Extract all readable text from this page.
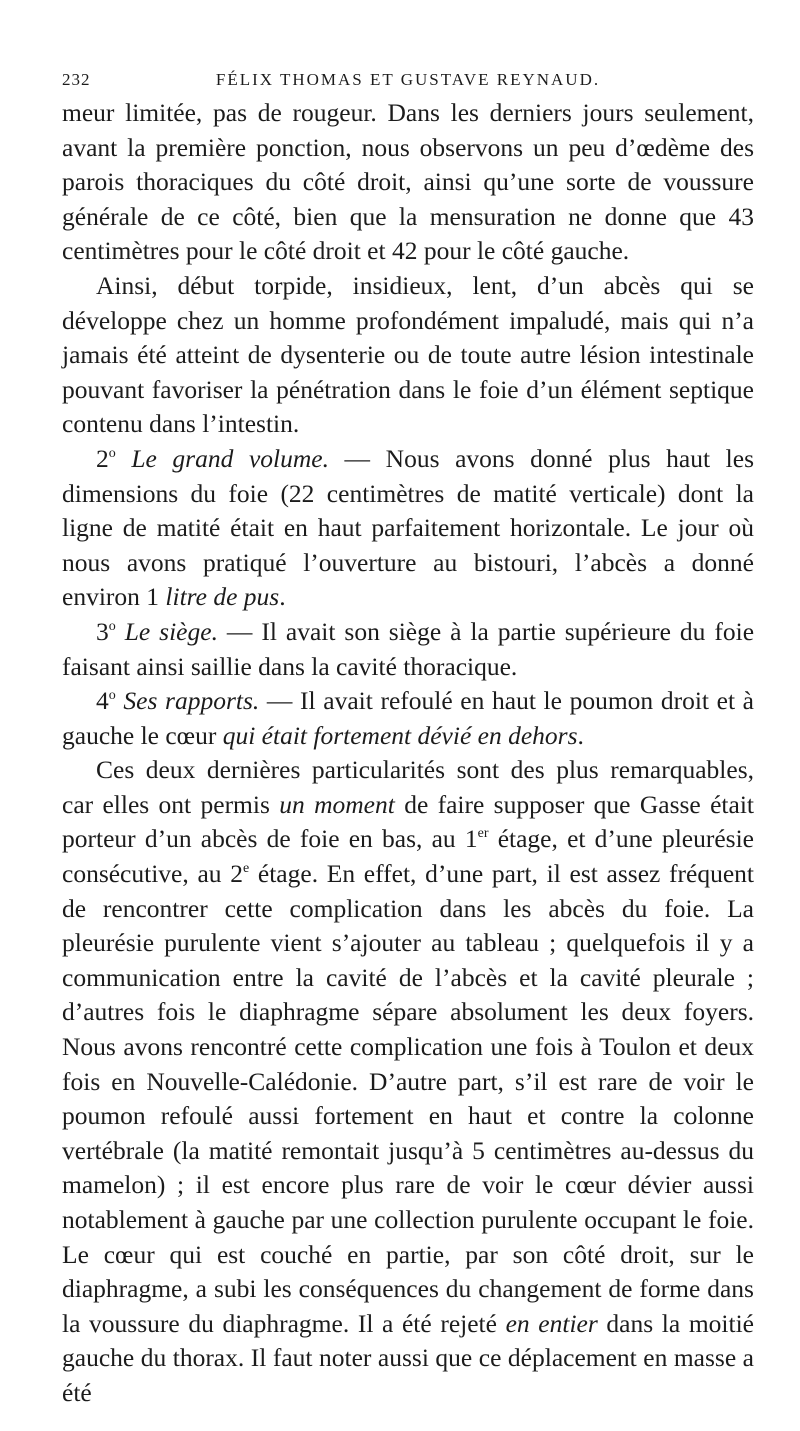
232	FÉLIX THOMAS ET GUSTAVE REYNAUD.

meur limitée, pas de rougeur. Dans les derniers jours seulement, avant la première ponction, nous observons un peu d’œdème des parois thoraciques du côté droit, ainsi qu’une sorte de voussure générale de ce côté, bien que la mensuration ne donne que 43 centimètres pour le côté droit et 42 pour le côté gauche.

Ainsi, début torpide, insidieux, lent, d’un abcès qui se développe chez un homme profondément impaludé, mais qui n’a jamais été atteint de dysenterie ou de toute autre lésion intestinale pouvant favoriser la pénétration dans le foie d’un élément septique contenu dans l’intestin.

2$^o$ Le grand volume. — Nous avons donné plus haut les dimensions du foie (22 centimètres de matité verticale) dont la ligne de matité était en haut parfaitement horizontale. Le jour où nous avons pratiqué l’ouverture au bistouri, l’abcès a donné environ 1 litre de pus.

3$^o$ Le siège. — Il avait son siège à la partie supérieure du foie faisant ainsi saillie dans la cavité thoracique.

4$^o$ Ses rapports. — Il avait refoulé en haut le poumon droit et à gauche le cœur qui était fortement dévié en dehors.

Ces deux dernières particularités sont des plus remarquables, car elles ont permis un moment de faire supposer que Gasse était porteur d’un abcès de foie en bas, au 1er étage, et d’une pleurésie consécutive, au 2e étage. En effet, d’une part, il est assez fréquent de rencontrer cette complication dans les abcès du foie. La pleurésie purulente vient s’ajouter au tableau ; quelquefois il y a communication entre la cavité de l’abcès et la cavité pleurale ; d’autres fois le diaphragme sépare absolument les deux foyers. Nous avons rencontré cette complication une fois à Toulon et deux fois en Nouvelle-Calédonie. D’autre part, s’il est rare de voir le poumon refoulé aussi fortement en haut et contre la colonne vertébrale (la matité remontait jusqu’à 5 centimètres au-dessus du mamelon) ; il est encore plus rare de voir le cœur dévier aussi notablement à gauche par une collection purulente occupant le foie. Le cœur qui est couché en partie, par son côté droit, sur le diaphragme, a subi les conséquences du changement de forme dans la voussure du diaphragme. Il a été rejeté en entier dans la moitié gauche du thorax. Il faut noter aussi que ce déplacement en masse a été
